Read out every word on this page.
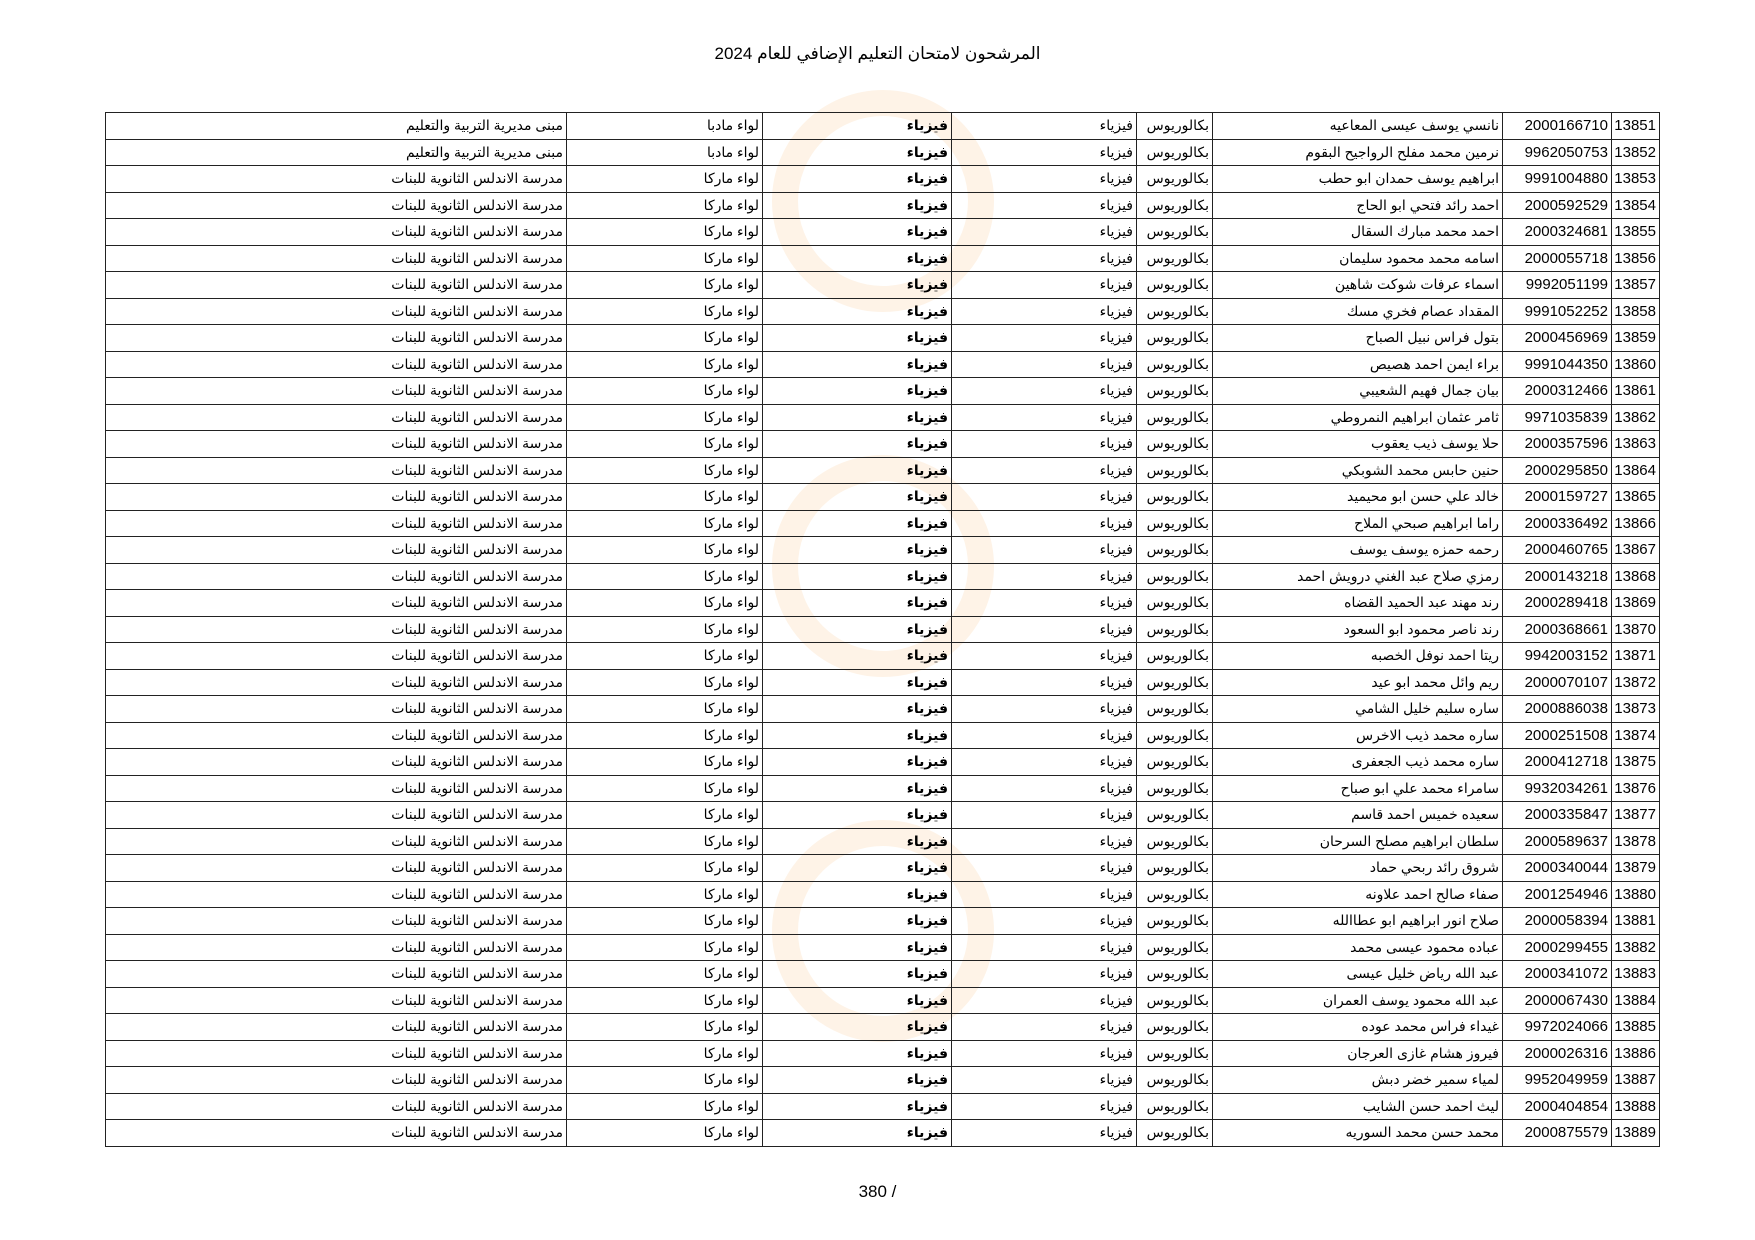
المرشحون لامتحان التعليم الإضافي للعام 2024
13851	2000166710	نانسي يوسف عيسى المعاعيه	بكالوريوس	فيزياء	فيزياء	لواء مادبا	مبنى مديرية التربية والتعليم
13852	9962050753	نرمين محمد مفلح الرواجيح البقوم	بكالوريوس	فيزياء	فيزياء	لواء مادبا	مبنى مديرية التربية والتعليم
13853	9991004880	ابراهيم يوسف حمدان ابو حطب	بكالوريوس	فيزياء	فيزياء	لواء ماركا	مدرسة الاندلس الثانوية للبنات
13854	2000592529	احمد رائد فتحي ابو الحاج	بكالوريوس	فيزياء	فيزياء	لواء ماركا	مدرسة الاندلس الثانوية للبنات
13855	2000324681	احمد محمد مبارك السقال	بكالوريوس	فيزياء	فيزياء	لواء ماركا	مدرسة الاندلس الثانوية للبنات
13856	2000055718	اسامه محمد محمود سليمان	بكالوريوس	فيزياء	فيزياء	لواء ماركا	مدرسة الاندلس الثانوية للبنات
13857	9992051199	اسماء عرفات شوكت شاهين	بكالوريوس	فيزياء	فيزياء	لواء ماركا	مدرسة الاندلس الثانوية للبنات
13858	9991052252	المقداد عصام فخري مسك	بكالوريوس	فيزياء	فيزياء	لواء ماركا	مدرسة الاندلس الثانوية للبنات
13859	2000456969	بتول فراس نبيل الصباح	بكالوريوس	فيزياء	فيزياء	لواء ماركا	مدرسة الاندلس الثانوية للبنات
13860	9991044350	براء ايمن احمد هصيص	بكالوريوس	فيزياء	فيزياء	لواء ماركا	مدرسة الاندلس الثانوية للبنات
13861	2000312466	بيان جمال فهيم الشعيبي	بكالوريوس	فيزياء	فيزياء	لواء ماركا	مدرسة الاندلس الثانوية للبنات
13862	9971035839	ثامر عثمان ابراهيم النمروطي	بكالوريوس	فيزياء	فيزياء	لواء ماركا	مدرسة الاندلس الثانوية للبنات
13863	2000357596	حلا يوسف ذيب يعقوب	بكالوريوس	فيزياء	فيزياء	لواء ماركا	مدرسة الاندلس الثانوية للبنات
13864	2000295850	حنين حابس محمد الشوبكي	بكالوريوس	فيزياء	فيزياء	لواء ماركا	مدرسة الاندلس الثانوية للبنات
13865	2000159727	خالد علي حسن ابو محيميد	بكالوريوس	فيزياء	فيزياء	لواء ماركا	مدرسة الاندلس الثانوية للبنات
13866	2000336492	راما ابراهيم صبحي الملاح	بكالوريوس	فيزياء	فيزياء	لواء ماركا	مدرسة الاندلس الثانوية للبنات
13867	2000460765	رحمه حمزه يوسف يوسف	بكالوريوس	فيزياء	فيزياء	لواء ماركا	مدرسة الاندلس الثانوية للبنات
13868	2000143218	رمزي صلاح عبد الغني درويش احمد	بكالوريوس	فيزياء	فيزياء	لواء ماركا	مدرسة الاندلس الثانوية للبنات
13869	2000289418	رند مهند عبد الحميد القضاه	بكالوريوس	فيزياء	فيزياء	لواء ماركا	مدرسة الاندلس الثانوية للبنات
13870	2000368661	رند ناصر محمود ابو السعود	بكالوريوس	فيزياء	فيزياء	لواء ماركا	مدرسة الاندلس الثانوية للبنات
13871	9942003152	ريتا احمد نوفل الخصبه	بكالوريوس	فيزياء	فيزياء	لواء ماركا	مدرسة الاندلس الثانوية للبنات
13872	2000070107	ريم وائل محمد ابو عيد	بكالوريوس	فيزياء	فيزياء	لواء ماركا	مدرسة الاندلس الثانوية للبنات
13873	2000886038	ساره سليم خليل الشامي	بكالوريوس	فيزياء	فيزياء	لواء ماركا	مدرسة الاندلس الثانوية للبنات
13874	2000251508	ساره محمد ذيب الاخرس	بكالوريوس	فيزياء	فيزياء	لواء ماركا	مدرسة الاندلس الثانوية للبنات
13875	2000412718	ساره محمد ذيب الجعفرى	بكالوريوس	فيزياء	فيزياء	لواء ماركا	مدرسة الاندلس الثانوية للبنات
13876	9932034261	سامراء محمد علي ابو صباح	بكالوريوس	فيزياء	فيزياء	لواء ماركا	مدرسة الاندلس الثانوية للبنات
13877	2000335847	سعيده خميس احمد قاسم	بكالوريوس	فيزياء	فيزياء	لواء ماركا	مدرسة الاندلس الثانوية للبنات
13878	2000589637	سلطان ابراهيم مصلح السرحان	بكالوريوس	فيزياء	فيزياء	لواء ماركا	مدرسة الاندلس الثانوية للبنات
13879	2000340044	شروق رائد ربحي حماد	بكالوريوس	فيزياء	فيزياء	لواء ماركا	مدرسة الاندلس الثانوية للبنات
13880	2001254946	صفاء صالح احمد علاونه	بكالوريوس	فيزياء	فيزياء	لواء ماركا	مدرسة الاندلس الثانوية للبنات
13881	2000058394	صلاح انور ابراهيم ابو عطاالله	بكالوريوس	فيزياء	فيزياء	لواء ماركا	مدرسة الاندلس الثانوية للبنات
13882	2000299455	عباده محمود عيسى محمد	بكالوريوس	فيزياء	فيزياء	لواء ماركا	مدرسة الاندلس الثانوية للبنات
13883	2000341072	عبد الله رياض خليل عيسى	بكالوريوس	فيزياء	فيزياء	لواء ماركا	مدرسة الاندلس الثانوية للبنات
13884	2000067430	عبد الله محمود يوسف العمران	بكالوريوس	فيزياء	فيزياء	لواء ماركا	مدرسة الاندلس الثانوية للبنات
13885	9972024066	غيداء فراس محمد عوده	بكالوريوس	فيزياء	فيزياء	لواء ماركا	مدرسة الاندلس الثانوية للبنات
13886	2000026316	فيروز هشام غازى العرجان	بكالوريوس	فيزياء	فيزياء	لواء ماركا	مدرسة الاندلس الثانوية للبنات
13887	9952049959	لمياء سمير خضر دبش	بكالوريوس	فيزياء	فيزياء	لواء ماركا	مدرسة الاندلس الثانوية للبنات
13888	2000404854	ليث احمد حسن الشايب	بكالوريوس	فيزياء	فيزياء	لواء ماركا	مدرسة الاندلس الثانوية للبنات
13889	2000875579	محمد حسن محمد السوريه	بكالوريوس	فيزياء	فيزياء	لواء ماركا	مدرسة الاندلس الثانوية للبنات
380 /
